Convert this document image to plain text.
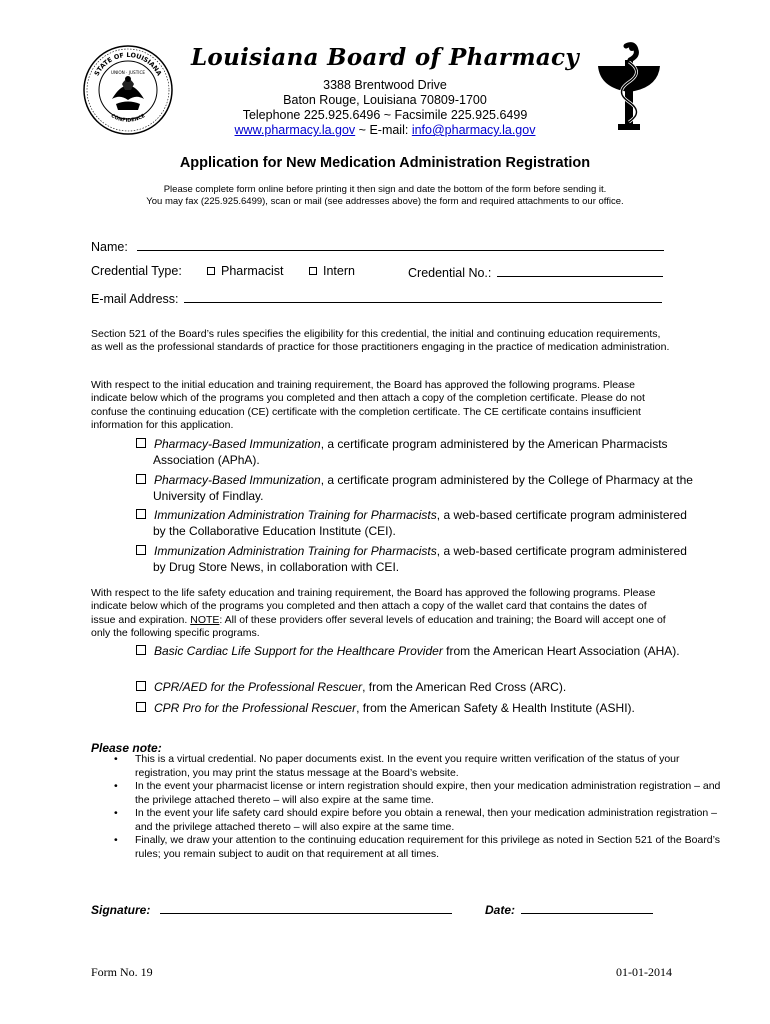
STATE OF LOUISIANA
CONFIDENCE
UNION · JUSTICE
Louisiana Board of Pharmacy
3388 Brentwood Drive
Baton Rouge, Louisiana 70809-1700
Telephone 225.925.6496 ~ Facsimile 225.925.6499
www.pharmacy.la.gov ~ E-mail: info@pharmacy.la.gov
Application for New Medication Administration Registration
Please complete form online before printing it then sign and date the bottom of the form before sending it.
You may fax (225.925.6499), scan or mail (see addresses above) the form and required attachments to our office.
Name:
Credential Type:	Pharmacist	Intern	Credential No.:
E-mail Address:
Section 521 of the Board’s rules specifies the eligibility for this credential, the initial and continuing education requirements, as well as the professional standards of practice for those practitioners engaging in the practice of medication administration.
With respect to the initial education and training requirement, the Board has approved the following programs. Please indicate below which of the programs you completed and then attach a copy of the completion certificate. Please do not confuse the continuing education (CE) certificate with the completion certificate. The CE certificate contains insufficient information for this application.
Pharmacy-Based Immunization, a certificate program administered by the American Pharmacists Association (APhA).
Pharmacy-Based Immunization, a certificate program administered by the College of Pharmacy at the University of Findlay.
Immunization Administration Training for Pharmacists, a web-based certificate program administered by the Collaborative Education Institute (CEI).
Immunization Administration Training for Pharmacists, a web-based certificate program administered by Drug Store News, in collaboration with CEI.
With respect to the life safety education and training requirement, the Board has approved the following programs. Please indicate below which of the programs you completed and then attach a copy of the wallet card that contains the dates of issue and expiration. NOTE: All of these providers offer several levels of education and training; the Board will accept one of only the following specific programs.
Basic Cardiac Life Support for the Healthcare Provider from the American Heart Association (AHA).
CPR/AED for the Professional Rescuer, from the American Red Cross (ARC).
CPR Pro for the Professional Rescuer, from the American Safety & Health Institute (ASHI).
Please note:
• This is a virtual credential. No paper documents exist. In the event you require written verification of the status of your registration, you may print the status message at the Board’s website.
• In the event your pharmacist license or intern registration should expire, then your medication administration registration – and the privilege attached thereto – will also expire at the same time.
• In the event your life safety card should expire before you obtain a renewal, then your medication administration registration – and the privilege attached thereto – will also expire at the same time.
• Finally, we draw your attention to the continuing education requirement for this privilege as noted in Section 521 of the Board’s rules; you remain subject to audit on that requirement at all times.
Signature:	Date:
Form No. 19	01-01-2014
